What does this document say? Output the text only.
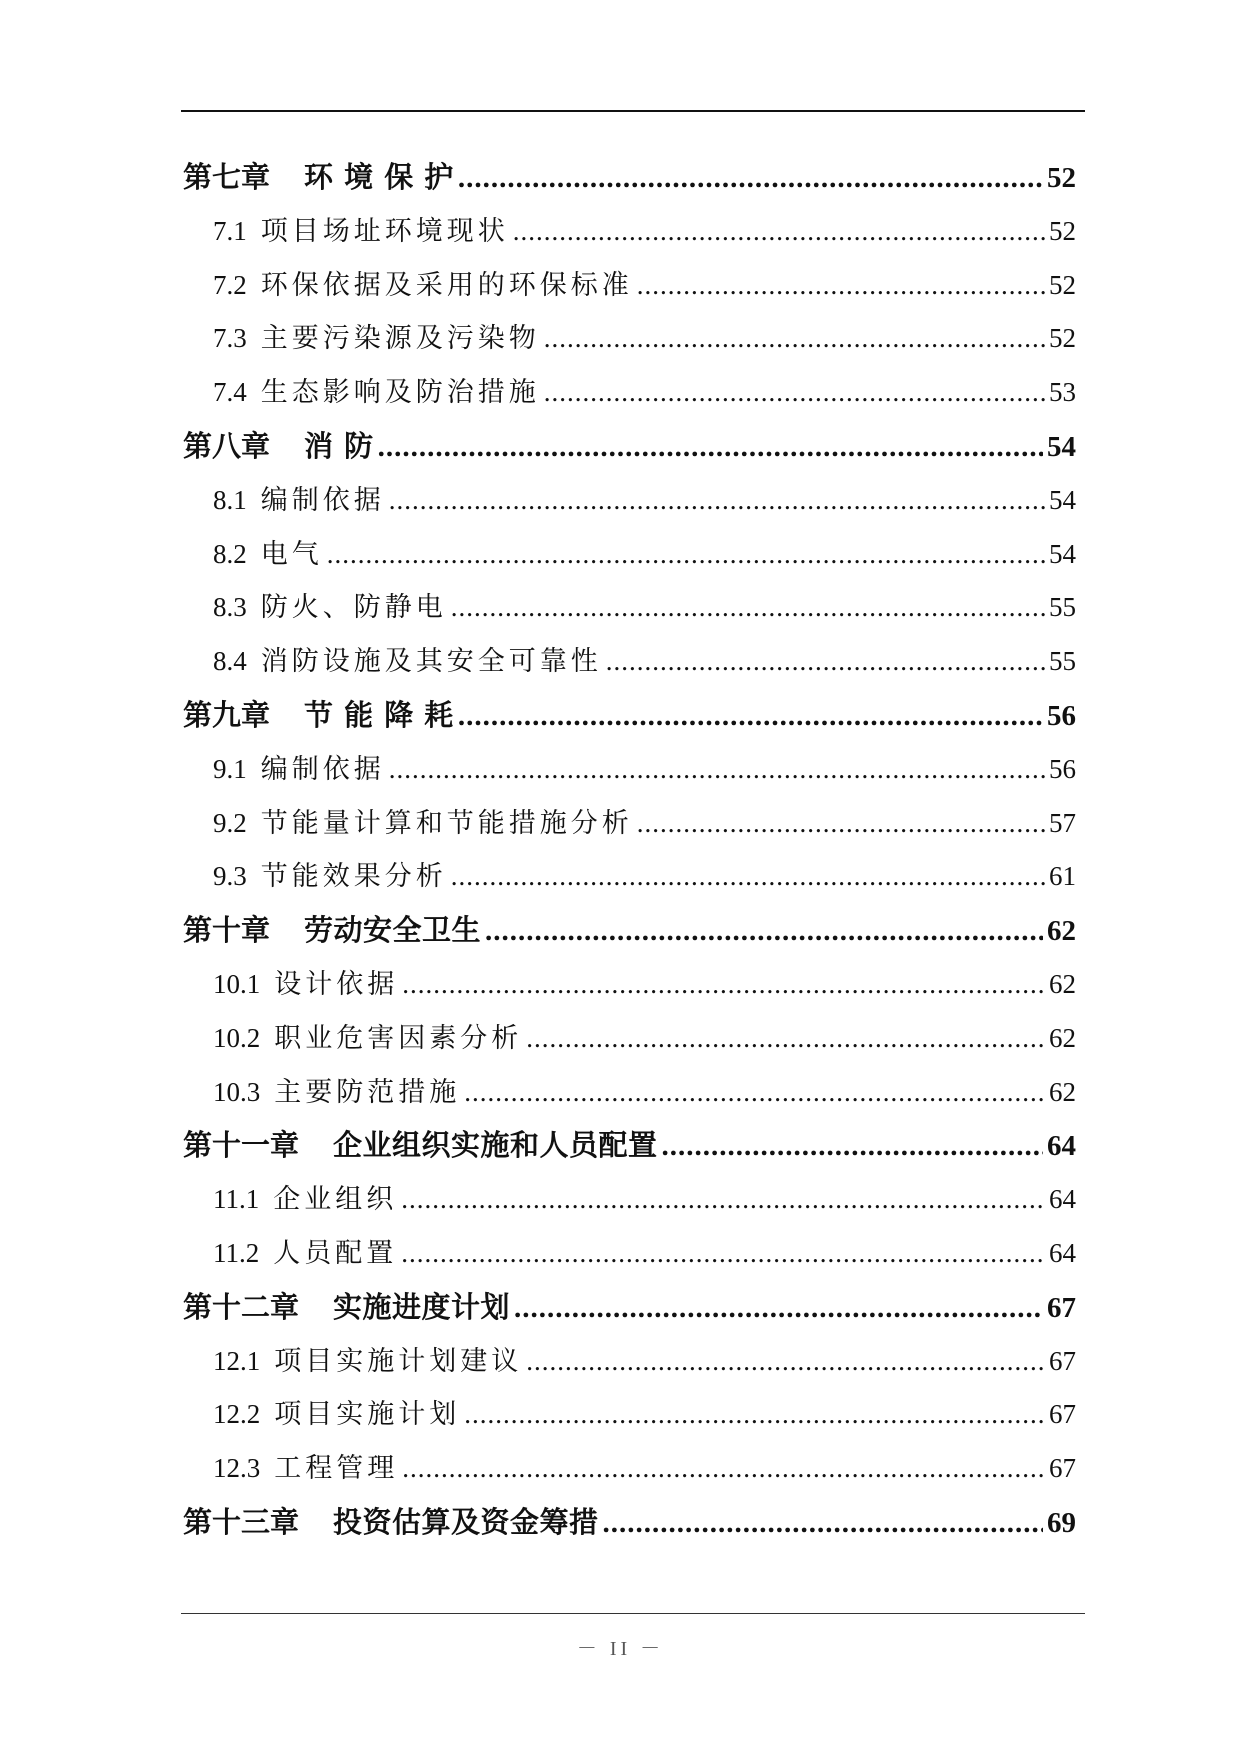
第七章	环 境 保 护 .....	52
7.1 项目场址环境现状 .....	52
7.2 环保依据及采用的环保标准 .....	52
7.3 主要污染源及污染物 .....	52
7.4 生态影响及防治措施 .....	53
第八章	消 防 .....	54
8.1 编制依据 .....	54
8.2 电气 .....	54
8.3 防火、防静电 .....	55
8.4 消防设施及其安全可靠性 .....	55
第九章	节 能 降 耗 .....	56
9.1 编制依据 .....	56
9.2 节能量计算和节能措施分析 .....	57
9.3 节能效果分析 .....	61
第十章	劳动安全卫生 .....	62
10.1 设计依据 .....	62
10.2 职业危害因素分析 .....	62
10.3 主要防范措施 .....	62
第十一章	企业组织实施和人员配置 .....	64
11.1 企业组织 .....	64
11.2 人员配置 .....	64
第十二章	实施进度计划 .....	67
12.1 项目实施计划建议 .....	67
12.2 项目实施计划 .....	67
12.3 工程管理 .....	67
第十三章	投资估算及资金筹措 .....	69
－ II －
